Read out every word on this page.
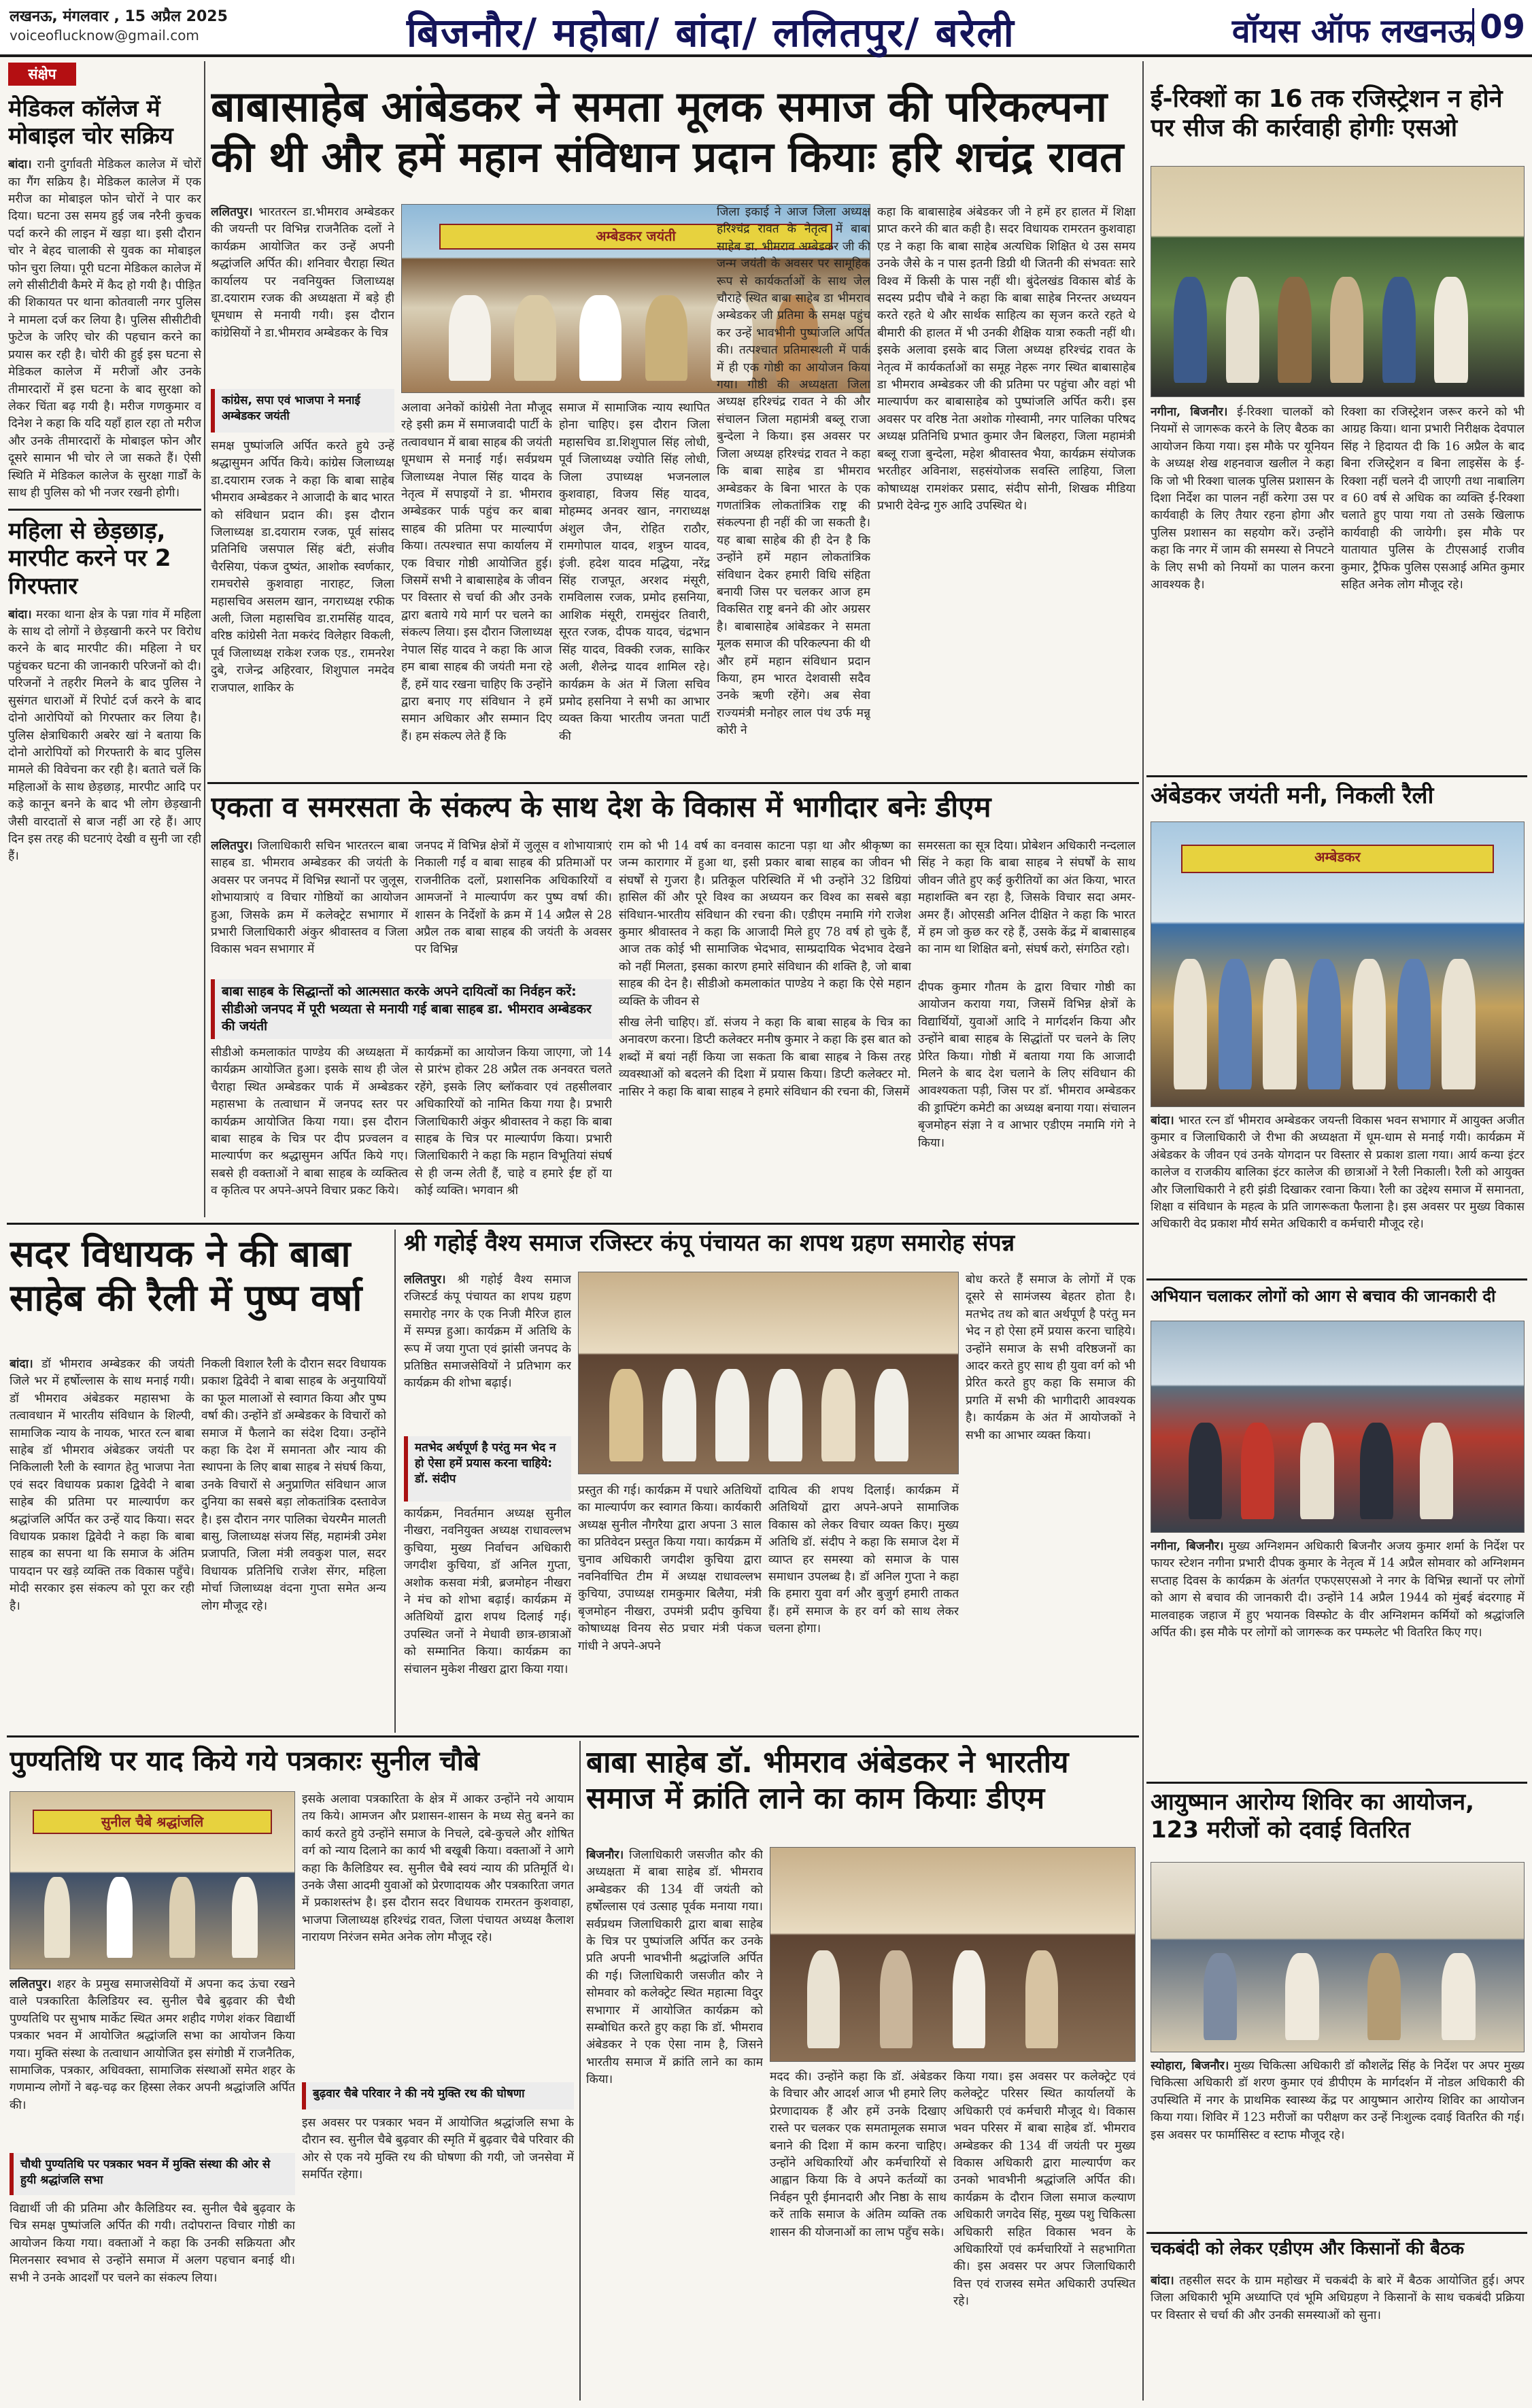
लखनऊ, मंगलवार , 15 अप्रैल 2025
voiceoflucknow@gmail.com	बिजनौर/ महोबा/ बांदा/ ललितपुर/ बरेली	वॉयस ऑफ लखनऊ 09
संक्षेप
मेडिकल कॉलेज में मोबाइल चोर सक्रिय

बांदा। रानी दुर्गावती मेडिकल कालेज में चोरों का गैंग सक्रिय है। मेडिकल कालेज में एक मरीज का मोबाइल फोन चोरों ने पार कर दिया। घटना उस समय हुई जब नरैनी कुचक पर्दा करने की लाइन में खड़ा था। इसी दौरान चोर ने बेहद चालाकी से युवक का मोबाइल फोन चुरा लिया। पूरी घटना मेडिकल कालेज में लगे सीसीटीवी कैमरे में कैद हो गयी है। पीड़ित की शिकायत पर थाना कोतवाली नगर पुलिस ने मामला दर्ज कर लिया है। पुलिस सीसीटीवी फुटेज के जरिए चोर की पहचान करने का प्रयास कर रही है। चोरी की हुई इस घटना से मेडिकल कालेज में मरीजों और उनके तीमारदारों में इस घटना के बाद सुरक्षा को लेकर चिंता बढ़ गयी है। मरीज गणकुमार व दिनेश ने कहा कि यदि यहाँ हाल रहा तो मरीज और उनके तीमारदारों के मोबाइल फोन और दूसरे सामान भी चोर ले जा सकते हैं। ऐसी स्थिति में मेडिकल कालेज के सुरक्षा गार्डों के साथ ही पुलिस को भी नजर रखनी होगी।

महिला से छेड़छाड़, मारपीट करने पर 2 गिरफ्तार

बांदा। मरका थाना क्षेत्र के पन्ना गांव में महिला के साथ दो लोगों ने छेड़खानी करने पर विरोध करने के बाद मारपीट की। महिला ने घर पहुंचकर घटना की जानकारी परिजनों को दी। परिजनों ने तहरीर मिलने के बाद पुलिस ने सुसंगत धाराओं में रिपोर्ट दर्ज करने के बाद दोनो आरोपियों को गिरफ्तार कर लिया है। पुलिस क्षेत्राधिकारी अबरेर खां ने बताया कि दोनो आरोपियों को गिरफ्तारी के बाद पुलिस मामले की विवेचना कर रही है। बताते चलें कि महिलाओं के साथ छेड़छाड़, मारपीट आदि पर कड़े कानून बनने के बाद भी लोग छेड़खानी जैसी वारदातों से बाज नहीं आ रहे हैं। आए दिन इस तरह की घटनाएं देखी व सुनी जा रही हैं।

बाबासाहेब आंबेडकर ने समता मूलक समाज की परिकल्पना की थी और हमें महान संविधान प्रदान कियाः हरि शचंद्र रावत

ललितपुर। भारतरत्न डा.भीमराव अम्बेडकर की जयन्ती पर विभिन्न राजनैतिक दलों ने कार्यक्रम आयोजित कर उन्हें अपनी श्रद्धांजलि अर्पित की। शनिवार चैराहा स्थित कार्यालय पर नवनियुक्त जिलाध्यक्ष डा.दयाराम रजक की अध्यक्षता में बड़े ही धूमधाम से मनायी गयी। इस दौरान कांग्रेसियों ने डा.भीमराव अम्बेडकर के चित्र

कांग्रेस, सपा एवं भाजपा ने मनाई अम्बेडकर जयंती

समक्ष पुष्पांजलि अर्पित करते हुये उन्हें श्रद्धासुमन अर्पित किये। कांग्रेस जिलाध्यक्ष डा.दयाराम रजक ने कहा कि बाबा साहेब भीमराव अम्बेडकर ने आजादी के बाद भारत को संविधान प्रदान की। इस दौरान जिलाध्यक्ष डा.दयाराम रजक, पूर्व सांसद प्रतिनिधि जसपाल सिंह बंटी, संजीव चैरसिया, पंकज दुष्यंत, आशोक स्वर्णकार, रामचरोसे कुशवाहा नाराहट, जिला महासचिव असलम खान, नगराध्यक्ष रफीक अली, जिला महासचिव डा.रामसिंह यादव, वरिष्ठ कांग्रेसी नेता मकरंद विलेहार विकली, पूर्व जिलाध्यक्ष राकेश रजक एड., रामनरेश दुबे, राजेन्द्र अहिरवार, शिशुपाल नमदेव राजपाल, शाकिर के

अम्बेडकर जयंती

अलावा अनेकों कांग्रेसी नेता मौजूद रहे इसी क्रम में समाजवादी पार्टी के तत्वावधान में बाबा साहब की जयंती धूमधाम से मनाई गई। सर्वप्रथम जिलाध्यक्ष नेपाल सिंह यादव के नेतृत्व में सपाइयों ने डा. भीमराव अम्बेडकर पार्क पहुंच कर बाबा साहब की प्रतिमा पर माल्यार्पण किया। तत्पश्चात सपा कार्यालय में एक विचार गोष्ठी आयोजित हुई। जिसमें सभी ने बाबासाहेब के जीवन पर विस्तार से चर्चा की और उनके द्वारा बताये गये मार्ग पर चलने का संकल्प लिया। इस दौरान जिलाध्यक्ष नेपाल सिंह यादव ने कहा कि आज हम बाबा साहब की जयंती मना रहे हैं, हमें याद रखना चाहिए कि उन्होंने द्वारा बनाए गए संविधान ने हमें समान अधिकार और सम्मान दिए हैं। हम संकल्प लेते हैं कि

समाज में सामाजिक न्याय स्थापित होना चाहिए। इस दौरान जिला महासचिव डा.शिशुपाल सिंह लोधी, पूर्व जिलाध्यक्ष ज्योति सिंह लोधी, जिला उपाध्यक्ष भजनलाल कुशवाहा, विजय सिंह यादव, मोहम्मद अनवर खान, नगराध्यक्ष अंशुल जैन, रोहित राठौर, रामगोपाल यादव, शत्रुघ्न यादव, इंजी. हदेश यादव मद्धिया, नरेंद्र सिंह राजपूत, अरशद मंसूरी, रामविलास रजक, प्रमोद हसनिया, आशिक मंसूरी, रामसुंदर तिवारी, सूरत रजक, दीपक यादव, चंद्रभान सिंह यादव, विक्की रजक, साकिर अली, शैलेन्द्र यादव शामिल रहे। कार्यक्रम के अंत में जिला सचिव प्रमोद हसनिया ने सभी का आभार व्यक्त किया भारतीय जनता पार्टी की

जिला इकाई ने आज जिला अध्यक्ष हरिश्चंद्र रावत के नेतृत्व में बाबा साहेब डा. भीमराव अम्बेडकर जी की जन्म जयंती के अवसर पर सामूहिक रूप से कार्यकर्ताओं के साथ जेल चौराहे स्थित बाबा साहेब डा भीमराव अम्बेडकर जी प्रतिमा के समक्ष पहुंच कर उन्हें भावभीनी पुष्पांजलि अर्पित की। तत्पश्चात प्रतिमास्थली में पार्क में ही एक गोष्ठी का आयोजन किया गया। गोष्ठी की अध्यक्षता जिला अध्यक्ष हरिश्चंद्र रावत ने की और संचालन जिला महामंत्री बब्लू राजा बुन्देला ने किया। इस अवसर पर जिला अध्यक्ष हरिश्चंद्र रावत ने कहा कि बाबा साहेब डा भीमराव अम्बेडकर के बिना भारत के एक गणतांत्रिक लोकतांत्रिक राष्ट्र की संकल्पना ही नहीं की जा सकती है। यह बाबा साहेब की ही देन है कि उन्होंने हमें महान लोकतांत्रिक संविधान देकर हमारी विधि संहिता बनायी जिस पर चलकर आज हम विकसित राष्ट्र बनने की ओर अग्रसर है। बाबासाहेब आंबेडकर ने समता मूलक समाज की परिकल्पना की थी और हमें महान संविधान प्रदान किया, हम भारत देशवासी सदैव उनके ऋणी रहेंगे। अब सेवा राज्यमंत्री मनोहर लाल पंथ उर्फ मन्नू कोरी ने

कहा कि बाबासाहेब अंबेडकर जी ने हमें हर हालत में शिक्षा प्राप्त करने की बात कही है। सदर विधायक रामरतन कुशवाहा एड ने कहा कि बाबा साहेब अत्यधिक शिक्षित थे उस समय उनके जैसे के न पास इतनी डिग्री थी जितनी की संभवतः सारे विश्व में किसी के पास नहीं थी। बुंदेलखंड विकास बोर्ड के सदस्य प्रदीप चौबे ने कहा कि बाबा साहेब निरन्तर अध्ययन करते रहते थे और सार्थक साहित्य का सृजन करते रहते थे बीमारी की हालत में भी उनकी शैक्षिक यात्रा रुकती नहीं थी। इसके अलावा इसके बाद जिला अध्यक्ष हरिश्चंद्र रावत के नेतृत्व में कार्यकर्ताओं का समूह नेहरू नगर स्थित बाबासाहेब डा भीमराव अम्बेडकर जी की प्रतिमा पर पहुंचा और वहां भी माल्यार्पण कर बाबासाहेब को पुष्पांजलि अर्पित करी। इस अवसर पर वरिष्ठ नेता अशोक गोस्वामी, नगर पालिका परिषद अध्यक्ष प्रतिनिधि प्रभात कुमार जैन बिलहरा, जिला महामंत्री बब्लू राजा बुन्देला, महेश श्रीवास्तव भैया, कार्यक्रम संयोजक भरतीहर अविनाश, सहसंयोजक सवस्ति लाहिया, जिला कोषाध्यक्ष रामशंकर प्रसाद, संदीप सोनी, शिखक मीडिया प्रभारी देवेन्द्र गुरु आदि उपस्थित थे।

एकता व समरसता के संकल्प के साथ देश के विकास में भागीदार बनेः डीएम

ललितपुर। जिलाधिकारी सचिन भारतरत्न बाबा साहब डा. भीमराव अम्बेडकर की जयंती के अवसर पर जनपद में विभिन्न स्थानों पर जुलूस, शोभायात्राएं व विचार गोष्ठियों का आयोजन हुआ, जिसके क्रम में कलेक्ट्रेट सभागार में प्रभारी जिलाधिकारी अंकुर श्रीवास्तव व जिला विकास भवन सभागार में

जनपद में विभिन्न क्षेत्रों में जुलूस व शोभायात्राएं निकाली गईं व बाबा साहब की प्रतिमाओं पर राजनीतिक दलों, प्रशासनिक अधिकारियों व आमजनों ने माल्यार्पण कर पुष्प वर्षा की। शासन के निर्देशों के क्रम में 14 अप्रैल से 28 अप्रैल तक बाबा साहब की जयंती के अवसर पर विभिन्न

राम को भी 14 वर्ष का वनवास काटना पड़ा था और श्रीकृष्ण का जन्म कारागार में हुआ था, इसी प्रकार बाबा साहब का जीवन भी संघर्षों से गुजरा है। प्रतिकूल परिस्थिति में भी उन्होंने 32 डिग्रियां हासिल कीं और पूरे विश्व का अध्ययन कर विश्व का सबसे बड़ा संविधान-भारतीय संविधान की रचना की। एडीएम नमामि गंगे राजेश कुमार श्रीवास्तव ने कहा कि आजादी मिले हुए 78 वर्ष हो चुके हैं, आज तक कोई भी सामाजिक भेदभाव, साम्प्रदायिक भेदभाव देखने को नहीं मिलता, इसका कारण हमारे संविधान की शक्ति है, जो बाबा साहब की देन है। सीडीओ कमलाकांत पाण्डेय ने कहा कि ऐसे महान व्यक्ति के जीवन से

सीख लेनी चाहिए। डॉ. संजय ने कहा कि बाबा साहब के चित्र का अनावरण करना। डिप्टी कलेक्टर मनीष कुमार ने कहा कि इस बात को शब्दों में बयां नहीं किया जा सकता कि बाबा साहब ने किस तरह व्यवस्थाओं को बदलने की दिशा में प्रयास किया। डिप्टी कलेक्टर मो. नासिर ने कहा कि बाबा साहब ने हमारे संविधान की रचना की, जिसमें

समरसता का सूत्र दिया। प्रोबेशन अधिकारी नन्दलाल सिंह ने कहा कि बाबा साहब ने संघर्षों के साथ जीवन जीते हुए कई कुरीतियों का अंत किया, भारत महाशक्ति बन रहा है, जिसके विचार सदा अमर-अमर हैं। ओएसडी अनिल दीक्षित ने कहा कि भारत में हम जो कुछ कर रहे हैं, उसके केंद्र में बाबासाहब का नाम था शिक्षित बनो, संघर्ष करो, संगठित रहो।

बाबा साहब के सिद्धान्तों को आत्मसात करके अपने दायित्वों का निर्वहन करें: सीडीओ जनपद में पूरी भव्यता से मनायी गई बाबा साहब डा. भीमराव अम्बेडकर की जयंती

सीडीओ कमलाकांत पाण्डेय की अध्यक्षता में कार्यक्रम आयोजित हुआ। इसके साथ ही जेल चैराहा स्थित अम्बेडकर पार्क में अम्बेडकर महासभा के तत्वाधान में जनपद स्तर पर कार्यक्रम आयोजित किया गया। इस दौरान बाबा साहब के चित्र पर दीप प्रज्वलन व माल्यार्पण कर श्रद्धासुमन अर्पित किये गए। सबसे ही वक्ताओं ने बाबा साहब के व्यक्तित्व व कृतित्व पर अपने-अपने विचार प्रकट किये।

कार्यक्रमों का आयोजन किया जाएगा, जो 14 से प्रारंभ होकर 28 अप्रैल तक अनवरत चलते रहेंगे, इसके लिए ब्लॉकवार एवं तहसीलवार अधिकारियों को नामित किया गया है। प्रभारी जिलाधिकारी अंकुर श्रीवास्तव ने कहा कि बाबा साहब के चित्र पर माल्यार्पण किया। प्रभारी जिलाधिकारी ने कहा कि महान विभूतियां संघर्ष से ही जन्म लेती हैं, चाहे व हमारे ईष्ट हों या कोई व्यक्ति। भगवान श्री

दीपक कुमार गौतम के द्वारा विचार गोष्ठी का आयोजन कराया गया, जिसमें विभिन्न क्षेत्रों के विद्यार्थियों, युवाओं आदि ने मार्गदर्शन किया और उन्होंने बाबा साहब के सिद्धांतों पर चलने के लिए प्रेरित किया। गोष्ठी में बताया गया कि आजादी मिलने के बाद देश चलाने के लिए संविधान की आवश्यकता पड़ी, जिस पर डॉ. भीमराव अम्बेडकर की ड्राफ्टिंग कमेटी का अध्यक्ष बनाया गया। संचालन बृजमोहन संज्ञा ने व आभार एडीएम नमामि गंगे ने किया।

सदर विधायक ने की बाबा साहेब की रैली में पुष्प वर्षा

बांदा। डॉ भीमराव अम्बेडकर की जयंती जिले भर में हर्षोल्लास के साथ मनाई गयी। डॉ भीमराव अंबेडकर महासभा के तत्वावधान में भारतीय संविधान के शिल्पी, सामाजिक न्याय के नायक, भारत रत्न बाबा साहेब डॉ भीमराव अंबेडकर जयंती पर निकिलाली रैली के स्वागत हेतु भाजपा नेता एवं सदर विधायक प्रकाश द्विवेदी ने बाबा साहेब की प्रतिमा पर माल्यार्पण कर श्रद्धांजलि अर्पित कर उन्हें याद किया। सदर विधायक प्रकाश द्विवेदी ने कहा कि बाबा साहब का सपना था कि समाज के अंतिम पायदान पर खड़े व्यक्ति तक विकास पहुँचे। मोदी सरकार इस संकल्प को पूरा कर रही है।

निकली विशाल रैली के दौरान सदर विधायक प्रकाश द्विवेदी ने बाबा साहब के अनुयायियों का फूल मालाओं से स्वागत किया और पुष्प वर्षा की। उन्होंने डॉ अम्बेडकर के विचारों को समाज में फैलाने का संदेश दिया। उन्होंने कहा कि देश में समानता और न्याय की स्थापना के लिए बाबा साहब ने संघर्ष किया, उनके विचारों से अनुप्राणित संविधान आज दुनिया का सबसे बड़ा लोकतांत्रिक दस्तावेज है। इस दौरान नगर पालिका चेयरमैन मालती बासु, जिलाध्यक्ष संजय सिंह, महामंत्री उमेश प्रजापति, जिला मंत्री लवकुश पाल, सदर विधायक प्रतिनिधि राजेश सेंगर, महिला मोर्चा जिलाध्यक्ष वंदना गुप्ता समेत अन्य लोग मौजूद रहे।

श्री गहोई वैश्य समाज रजिस्टर कंपू पंचायत का शपथ ग्रहण समारोह संपन्न

ललितपुर। श्री गहोई वैश्य समाज रजिस्टर्ड कंपू पंचायत का शपथ ग्रहण समारोह नगर के एक निजी मैरिज हाल में सम्पन्न हुआ। कार्यक्रम में अतिथि के रूप में जया गुप्ता एवं झांसी जनपद के प्रतिष्ठित समाजसेवियों ने प्रतिभाग कर कार्यक्रम की शोभा बढ़ाई।

मतभेद अर्थपूर्ण है परंतु मन भेद न हो ऐसा हमें प्रयास करना चाहिये: डॉ. संदीप

कार्यक्रम, निवर्तमान अध्यक्ष सुनील नीखरा, नवनियुक्त अध्यक्ष राधावल्लभ कुचिया, मुख्य निर्वाचन अधिकारी जगदीश कुचिया, डॉ अनिल गुप्ता, अशोक कसवा मंत्री, ब्रजमोहन नीखरा ने मंच को शोभा बढ़ाई। कार्यक्रम में अतिथियों द्वारा शपथ दिलाई गई। उपस्थित जनों ने मेधावी छात्र-छात्राओं को सम्मानित किया। कार्यक्रम का संचालन मुकेश नीखरा द्वारा किया गया।

प्रस्तुत की गई। कार्यक्रम में पधारे अतिथियों का माल्यार्पण कर स्वागत किया। कार्यकारी अध्यक्ष सुनील नौगरैया द्वारा अपना 3 साल का प्रतिवेदन प्रस्तुत किया गया। कार्यक्रम में चुनाव अधिकारी जगदीश कुचिया द्वारा नवनिर्वाचित टीम में अध्यक्ष राधावल्लभ कुचिया, उपाध्यक्ष रामकुमार बिलैया, मंत्री बृजमोहन नीखरा, उपमंत्री प्रदीप कुचिया कोषाध्यक्ष विनय सेठ प्रचार मंत्री पंकज गांधी ने अपने-अपने

दायित्व की शपथ दिलाई। कार्यक्रम में अतिथियों द्वारा अपने-अपने सामाजिक विकास को लेकर विचार व्यक्त किए। मुख्य अतिथि डॉ. संदीप ने कहा कि समाज देश में व्याप्त हर समस्या को समाज के पास समाधान उपलब्ध है। डॉ अनिल गुप्ता ने कहा कि हमारा युवा वर्ग और बुजुर्ग हमारी ताकत हैं। हमें समाज के हर वर्ग को साथ लेकर चलना होगा।

बोध करते हैं समाज के लोगों में एक दूसरे से सामंजस्य बेहतर होता है। मतभेद तथ को बात अर्थपूर्ण है परंतु मन भेद न हो ऐसा हमें प्रयास करना चाहिये। उन्होंने समाज के सभी वरिष्ठजनों का आदर करते हुए साथ ही युवा वर्ग को भी प्रेरित करते हुए कहा कि समाज की प्रगति में सभी की भागीदारी आवश्यक है। कार्यक्रम के अंत में आयोजकों ने सभी का आभार व्यक्त किया।

पुण्यतिथि पर याद किये गये पत्रकारः सुनील चौबे
सुनील चैबे श्रद्धांजलि

ललितपुर। शहर के प्रमुख समाजसेवियों में अपना कद ऊंचा रखने वाले पत्रकारिता कैलिडियर स्व. सुनील चैबे बुढ़वार की चैथी पुण्यतिथि पर सुभाष मार्केट स्थित अमर शहीद गणेश शंकर विद्यार्थी पत्रकार भवन में आयोजित श्रद्धांजलि सभा का आयोजन किया गया। मुक्ति संस्था के तत्वाधान आयोजित इस संगोष्ठी में राजनैतिक, सामाजिक, पत्रकार, अधिवक्ता, सामाजिक संस्थाओं समेत शहर के गणमान्य लोगों ने बढ़-चढ़ कर हिस्सा लेकर अपनी श्रद्धांजलि अर्पित की।

चौथी पुण्यतिथि पर पत्रकार भवन में मुक्ति संस्था की ओर से हुयी श्रद्धांजलि सभा

विद्यार्थी जी की प्रतिमा और कैलिडियर स्व. सुनील चैबे बुढ़वार के चित्र समक्ष पुष्पांजलि अर्पित की गयी। तदोपरान्त विचार गोष्ठी का आयोजन किया गया। वक्ताओं ने कहा कि उनकी सक्रियता और मिलनसार स्वभाव से उन्होंने समाज में अलग पहचान बनाई थी। सभी ने उनके आदर्शों पर चलने का संकल्प लिया।

इसके अलावा पत्रकारिता के क्षेत्र में आकर उन्होंने नये आयाम तय किये। आमजन और प्रशासन-शासन के मध्य सेतु बनने का कार्य करते हुये उन्होंने समाज के निचले, दबे-कुचले और शोषित वर्ग को न्याय दिलाने का कार्य भी बखूबी किया। वक्ताओं ने आगे कहा कि कैलिडियर स्व. सुनील चैबे स्वयं न्याय की प्रतिमूर्ति थे। उनके जैसा आदमी युवाओं को प्रेरणादायक और पत्रकारिता जगत में प्रकाशस्तंभ है। इस दौरान सदर विधायक रामरतन कुशवाहा, भाजपा जिलाध्यक्ष हरिश्चंद्र रावत, जिला पंचायत अध्यक्ष कैलाश नारायण निरंजन समेत अनेक लोग मौजूद रहे।

बुढ़वार चैबे परिवार ने की नये मुक्ति रथ की घोषणा

इस अवसर पर पत्रकार भवन में आयोजित श्रद्धांजलि सभा के दौरान स्व. सुनील चैबे बुढ़वार की स्मृति में बुढ़वार चैबे परिवार की ओर से एक नये मुक्ति रथ की घोषणा की गयी, जो जनसेवा में समर्पित रहेगा।

बाबा साहेब डॉ. भीमराव अंबेडकर ने भारतीय समाज में क्रांति लाने का काम कियाः डीएम

बिजनौर। जिलाधिकारी जसजीत कौर की अध्यक्षता में बाबा साहेब डॉ. भीमराव अम्बेडकर की 134 वीं जयंती को हर्षोल्लास एवं उत्साह पूर्वक मनाया गया। सर्वप्रथम जिलाधिकारी द्वारा बाबा साहेब के चित्र पर पुष्पांजलि अर्पित कर उनके प्रति अपनी भावभीनी श्रद्धांजलि अर्पित की गई। जिलाधिकारी जसजीत कौर ने सोमवार को कलेक्ट्रेट स्थित महात्मा विदुर सभागार में आयोजित कार्यक्रम को सम्बोधित करते हुए कहा कि डॉ. भीमराव अंबेडकर ने एक ऐसा नाम है, जिसने भारतीय समाज में क्रांति लाने का काम किया।	मदद की। उन्होंने कहा कि डॉ. अंबेडकर के विचार और आदर्श आज भी हमारे लिए प्रेरणादायक हैं और हमें उनके दिखाए रास्ते पर चलकर एक समतामूलक समाज बनाने की दिशा में काम करना चाहिए। उन्होंने अधिकारियों और कर्मचारियों से आह्वान किया कि वे अपने कर्तव्यों का निर्वहन पूरी ईमानदारी और निष्ठा के साथ करें ताकि समाज के अंतिम व्यक्ति तक शासन की योजनाओं का लाभ पहुँच सके।

किया गया। इस अवसर पर कलेक्ट्रेट एवं कलेक्ट्रेट परिसर स्थित कार्यालयों के अधिकारी एवं कर्मचारी मौजूद थे। विकास भवन परिसर में बाबा साहेब डॉ. भीमराव अम्बेडकर की 134 वीं जयंती पर मुख्य विकास अधिकारी द्वारा माल्यार्पण कर उनको भावभीनी श्रद्धांजलि अर्पित की। कार्यक्रम के दौरान जिला समाज कल्याण अधिकारी जगदेव सिंह, मुख्य पशु चिकित्सा अधिकारी सहित विकास भवन के अधिकारियों एवं कर्मचारियों ने सहभागिता की। इस अवसर पर अपर जिलाधिकारी वित्त एवं राजस्व समेत अधिकारी उपस्थित रहे।

ई-रिक्शों का 16 तक रजिस्ट्रेशन न होने पर सीज की कार्रवाही होगीः एसओ

नगीना, बिजनौर। ई-रिक्शा चालकों को नियमों से जागरूक करने के लिए बैठक का आयोजन किया गया। इस मौके पर यूनियन के अध्यक्ष शेख शहनवाज खलील ने कहा कि जो भी रिक्शा चालक पुलिस प्रशासन के दिशा निर्देश का पालन नहीं करेगा उस पर कार्यवाही के लिए तैयार रहना होगा और पुलिस प्रशासन का सहयोग करें। उन्होंने कहा कि नगर में जाम की समस्या से निपटने के लिए सभी को नियमों का पालन करना आवश्यक है।

रिक्शा का रजिस्ट्रेशन जरूर करने को भी आग्रह किया। थाना प्रभारी निरीक्षक देवपाल सिंह ने हिदायत दी कि 16 अप्रैल के बाद बिना रजिस्ट्रेशन व बिना लाइसेंस के ई-रिक्शा नहीं चलने दी जाएगी तथा नाबालिग व 60 वर्ष से अधिक का व्यक्ति ई-रिक्शा चलाते हुए पाया गया तो उसके खिलाफ कार्यवाही की जायेगी। इस मौके पर यातायात पुलिस के टीएसआई राजीव कुमार, ट्रैफिक पुलिस एसआई अमित कुमार सहित अनेक लोग मौजूद रहे।

अंबेडकर जयंती मनी, निकली रैली
अम्बेडकर

बांदा। भारत रत्न डॉ भीमराव अम्बेडकर जयन्ती विकास भवन सभागार में आयुक्त अजीत कुमार व जिलाधिकारी जे रीभा की अध्यक्षता में धूम-धाम से मनाई गयी। कार्यक्रम में अंबेडकर के जीवन एवं उनके योगदान पर विस्तार से प्रकाश डाला गया। आर्य कन्या इंटर कालेज व राजकीय बालिका इंटर कालेज की छात्राओं ने रैली निकाली। रैली को आयुक्त और जिलाधिकारी ने हरी झंडी दिखाकर रवाना किया। रैली का उद्देश्य समाज में समानता, शिक्षा व संविधान के महत्व के प्रति जागरूकता फैलाना है। इस अवसर पर मुख्य विकास अधिकारी वेद प्रकाश मौर्य समेत अधिकारी व कर्मचारी मौजूद रहे।

अभियान चलाकर लोगों को आग से बचाव की जानकारी दी

नगीना, बिजनौर। मुख्य अग्निशमन अधिकारी बिजनौर अजय कुमार शर्मा के निर्देश पर फायर स्टेशन नगीना प्रभारी दीपक कुमार के नेतृत्व में 14 अप्रैल सोमवार को अग्निशमन सप्ताह दिवस के कार्यक्रम के अंतर्गत एफएसएसओ ने नगर के विभिन्न स्थानों पर लोगों को आग से बचाव की जानकारी दी। उन्होंने 14 अप्रैल 1944 को मुंबई बंदरगाह में मालवाहक जहाज में हुए भयानक विस्फोट के वीर अग्निशमन कर्मियों को श्रद्धांजलि अर्पित की। इस मौके पर लोगों को जागरूक कर पम्फलेट भी वितरित किए गए।

आयुष्मान आरोग्य शिविर का आयोजन, 123 मरीजों को दवाई वितरित

स्योहारा, बिजनौर। मुख्य चिकित्सा अधिकारी डॉ कौशलेंद्र सिंह के निर्देश पर अपर मुख्य चिकित्सा अधिकारी डॉ शरण कुमार एवं डीपीएम के मार्गदर्शन में नोडल अधिकारी की उपस्थिति में नगर के प्राथमिक स्वास्थ्य केंद्र पर आयुष्मान आरोग्य शिविर का आयोजन किया गया। शिविर में 123 मरीजों का परीक्षण कर उन्हें निःशुल्क दवाई वितरित की गई। इस अवसर पर फार्मासिस्ट व स्टाफ मौजूद रहे।

चकबंदी को लेकर एडीएम और किसानों की बैठक

बांदा। तहसील सदर के ग्राम महोखर में चकबंदी के बारे में बैठक आयोजित हुई। अपर जिला अधिकारी भूमि अध्याप्ति एवं भूमि अधिग्रहण ने किसानों के साथ चकबंदी प्रक्रिया पर विस्तार से चर्चा की और उनकी समस्याओं को सुना।
